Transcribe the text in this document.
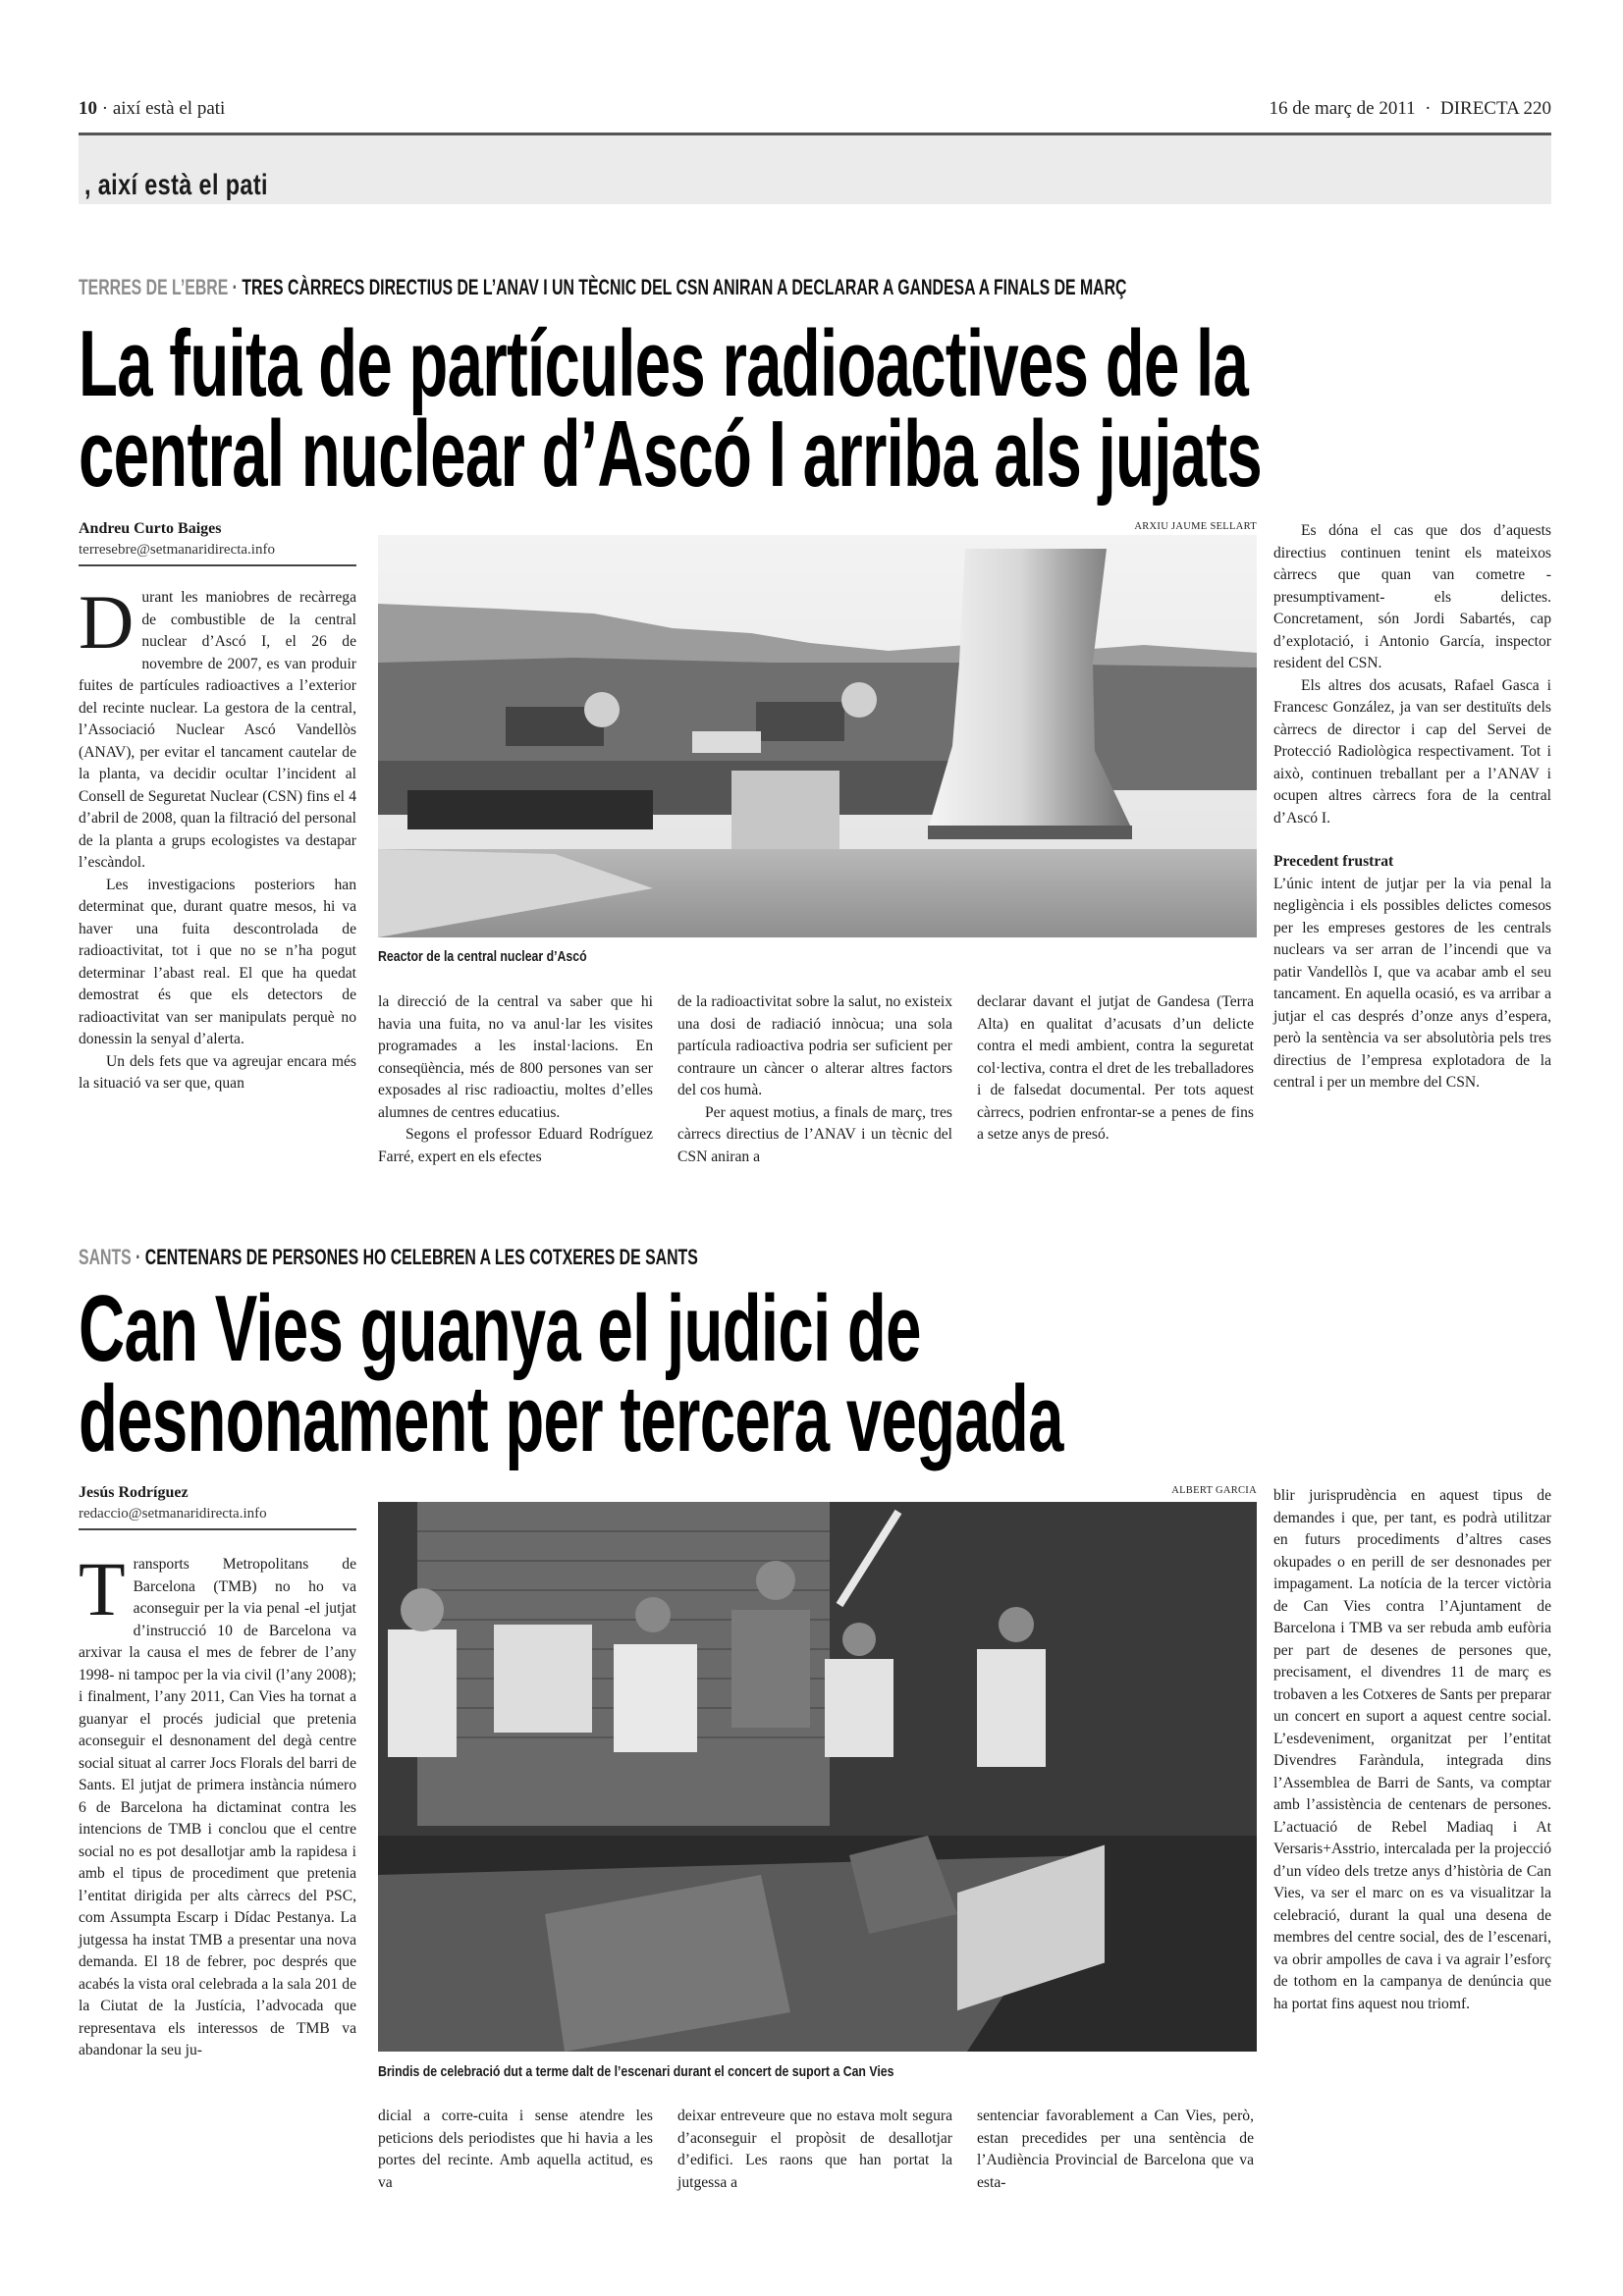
10 · així està el pati	16 de març de 2011 · DIRECTA 220
, així està el pati
TERRES DE L’EBRE · TRES CÀRRECS DIRECTIUS DE L’ANAV I UN TÈCNIC DEL CSN ANIRAN A DECLARAR A GANDESA A FINALS DE MARÇ
La fuita de partícules radioactives de la
central nuclear d’Ascó I arriba als jujats
Andreu Curto Baiges
terresebre@setmanaridirecta.info

Durant les maniobres de recàrrega de combustible de la central nuclear d’Ascó I, el 26 de novembre de 2007, es van produir fuites de partícules radioactives a l’exterior del recinte nuclear. La gestora de la central, l’Associació Nuclear Ascó Vandellòs (ANAV), per evitar el tancament cautelar de la planta, va decidir ocultar l’incident al Consell de Seguretat Nuclear (CSN) fins el 4 d’abril de 2008, quan la filtració del personal de la planta a grups ecologistes va destapar l’escàndol.

Les investigacions posteriors han determinat que, durant quatre mesos, hi va haver una fuita descontrolada de radioactivitat, tot i que no se n’ha pogut determinar l’abast real. El que ha quedat demostrat és que els detectors de radioactivitat van ser manipulats perquè no donessin la senyal d’alerta.

Un dels fets que va agreujar encara més la situació va ser que, quan

ARXIU JAUME SELLART
Reactor de la central nuclear d’Ascó

la direcció de la central va saber que hi havia una fuita, no va anul·lar les visites programades a les instal·lacions. En conseqüència, més de 800 persones van ser exposades al risc radioactiu, moltes d’elles alumnes de centres educatius.

Segons el professor Eduard Rodríguez Farré, expert en els efectes

de la radioactivitat sobre la salut, no existeix una dosi de radiació innòcua; una sola partícula radioactiva podria ser suficient per contraure un càncer o alterar altres factors del cos humà.

Per aquest motius, a finals de març, tres càrrecs directius de l’ANAV i un tècnic del CSN aniran a

declarar davant el jutjat de Gandesa (Terra Alta) en qualitat d’acusats d’un delicte contra el medi ambient, contra la seguretat col·lectiva, contra el dret de les treballadores i de falsedat documental. Per tots aquest càrrecs, podrien enfrontar-se a penes de fins a setze anys de presó.

Es dóna el cas que dos d’aquests directius continuen tenint els mateixos càrrecs que quan van cometre -presumptivament- els delictes. Concretament, són Jordi Sabartés, cap d’explotació, i Antonio García, inspector resident del CSN.

Els altres dos acusats, Rafael Gasca i Francesc González, ja van ser destituïts dels càrrecs de director i cap del Servei de Protecció Radiològica respectivament. Tot i això, continuen treballant per a l’ANAV i ocupen altres càrrecs fora de la central d’Ascó I.

Precedent frustrat

L’únic intent de jutjar per la via penal la negligència i els possibles delictes comesos per les empreses gestores de les centrals nuclears va ser arran de l’incendi que va patir Vandellòs I, que va acabar amb el seu tancament. En aquella ocasió, es va arribar a jutjar el cas després d’onze anys d’espera, però la sentència va ser absolutòria pels tres directius de l’empresa explotadora de la central i per un membre del CSN.

SANTS · CENTENARS DE PERSONES HO CELEBREN A LES COTXERES DE SANTS
Can Vies guanya el judici de
desnonament per tercera vegada
Jesús Rodríguez
redaccio@setmanaridirecta.info

Transports Metropolitans de Barcelona (TMB) no ho va aconseguir per la via penal -el jutjat d’instrucció 10 de Barcelona va arxivar la causa el mes de febrer de l’any 1998- ni tampoc per la via civil (l’any 2008); i finalment, l’any 2011, Can Vies ha tornat a guanyar el procés judicial que pretenia aconseguir el desnonament del degà centre social situat al carrer Jocs Florals del barri de Sants. El jutjat de primera instància número 6 de Barcelona ha dictaminat contra les intencions de TMB i conclou que el centre social no es pot desallotjar amb la rapidesa i amb el tipus de procediment que pretenia l’entitat dirigida per alts càrrecs del PSC, com Assumpta Escarp i Dídac Pestanya. La jutgessa ha instat TMB a presentar una nova demanda. El 18 de febrer, poc després que acabés la vista oral celebrada a la sala 201 de la Ciutat de la Justícia, l’advocada que representava els interessos de TMB va abandonar la seu ju-

ALBERT GARCIA
Brindis de celebració dut a terme dalt de l’escenari durant el concert de suport a Can Vies

dicial a corre-cuita i sense atendre les peticions dels periodistes que hi havia a les portes del recinte. Amb aquella actitud, es va

deixar entreveure que no estava molt segura d’aconseguir el propòsit de desallotjar d’edifici. Les raons que han portat la jutgessa a

sentenciar favorablement a Can Vies, però, estan precedides per una sentència de l’Audiència Provincial de Barcelona que va esta-

blir jurisprudència en aquest tipus de demandes i que, per tant, es podrà utilitzar en futurs procediments d’altres cases okupades o en perill de ser desnonades per impagament. La notícia de la tercer victòria de Can Vies contra l’Ajuntament de Barcelona i TMB va ser rebuda amb eufòria per part de desenes de persones que, precisament, el divendres 11 de març es trobaven a les Cotxeres de Sants per preparar un concert en suport a aquest centre social. L’esdeveniment, organitzat per l’entitat Divendres Faràndula, integrada dins l’Assemblea de Barri de Sants, va comptar amb l’assistència de centenars de persones. L’actuació de Rebel Madiaq i At Versaris+Asstrio, intercalada per la projecció d’un vídeo dels tretze anys d’història de Can Vies, va ser el marc on es va visualitzar la celebració, durant la qual una desena de membres del centre social, des de l’escenari, va obrir ampolles de cava i va agrair l’esforç de tothom en la campanya de denúncia que ha portat fins aquest nou triomf.
